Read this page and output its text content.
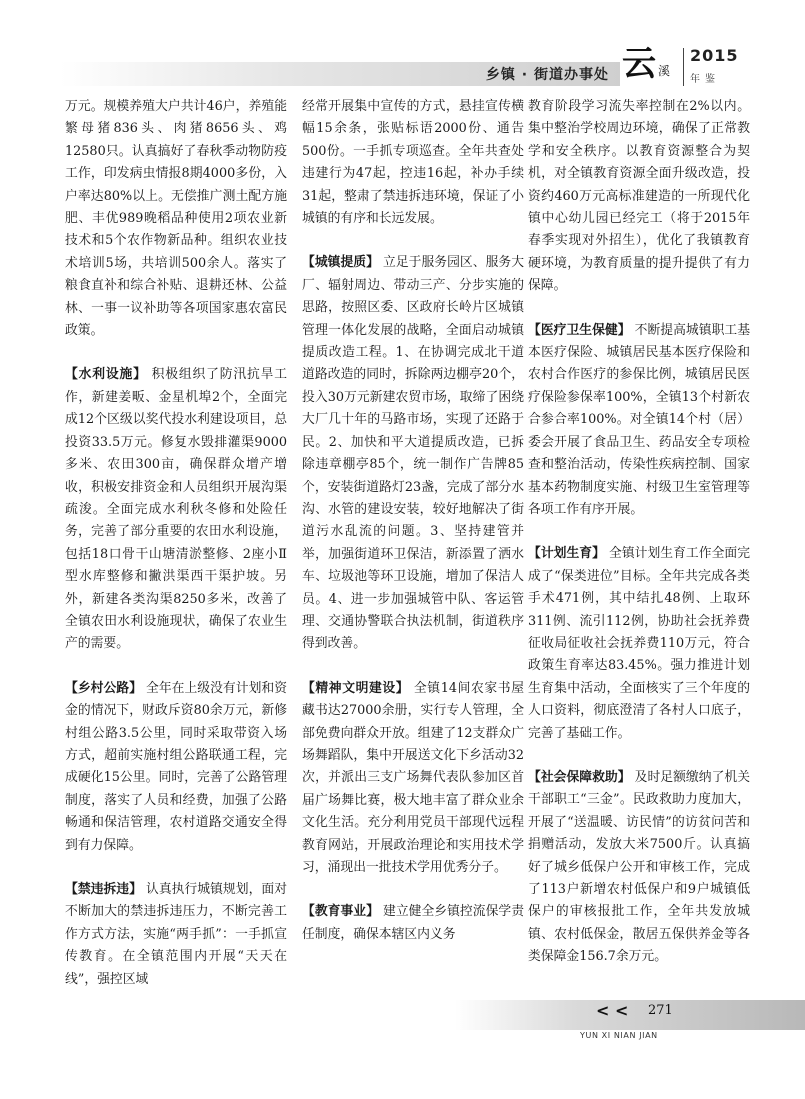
乡镇 · 街道办事处 云 溪
2015
年鉴

万元。规模养殖大户共计46户，养殖能繁母猪836头、肉猪8656头、鸡12580只。认真搞好了春秋季动物防疫工作，印发病虫情报8期4000多份，入户率达80%以上。无偿推广测土配方施肥、丰优989晚稻品种使用2项农业新技术和5个农作物新品种。组织农业技术培训5场，共培训500余人。落实了粮食直补和综合补贴、退耕还林、公益林、一事一议补助等各项国家惠农富民政策。

【水利设施】 积极组织了防汛抗旱工作，新建姜畈、金星机埠2个，全面完成12个区级以奖代投水利建设项目，总投资33.5万元。修复水毁排灌渠9000多米、农田300亩，确保群众增产增收，积极安排资金和人员组织开展沟渠疏浚。全面完成水利秋冬修和处险任务，完善了部分重要的农田水利设施，包括18口骨干山塘清淤整修、2座小Ⅱ型水库整修和撇洪渠西干渠护坡。另外，新建各类沟渠8250多米，改善了全镇农田水利设施现状，确保了农业生产的需要。

【乡村公路】 全年在上级没有计划和资金的情况下，财政斥资80余万元，新修村组公路3.5公里，同时采取带资入场方式，超前实施村组公路联通工程，完成硬化15公里。同时，完善了公路管理制度，落实了人员和经费，加强了公路畅通和保洁管理，农村道路交通安全得到有力保障。

【禁违拆违】 认真执行城镇规划，面对不断加大的禁违拆违压力，不断完善工作方式方法，实施“两手抓”：一手抓宣传教育。在全镇范围内开展“天天在线”，强控区域

经常开展集中宣传的方式，悬挂宣传横幅15余条，张贴标语2000份、通告500份。一手抓专项巡查。全年共查处违建行为47起，控违16起，补办手续31起，整肃了禁违拆违环境，保证了小城镇的有序和长远发展。

【城镇提质】 立足于服务园区、服务大厂、辐射周边、带动三产、分步实施的思路，按照区委、区政府长岭片区城镇管理一体化发展的战略，全面启动城镇提质改造工程。1、在协调完成北干道道路改造的同时，拆除两边棚亭20个，投入30万元新建农贸市场，取缔了困绕大厂几十年的马路市场，实现了还路于民。2、加快和平大道提质改造，已拆除违章棚亭85个，统一制作广告牌85个，安装街道路灯23盏，完成了部分水沟、水管的建设安装，较好地解决了街道污水乱流的问题。3、坚持建管并举，加强街道环卫保洁，新添置了洒水车、垃圾池等环卫设施，增加了保洁人员。4、进一步加强城管中队、客运管理、交通协警联合执法机制，街道秩序得到改善。

【精神文明建设】 全镇14间农家书屋藏书达27000余册，实行专人管理，全部免费向群众开放。组建了12支群众广场舞蹈队，集中开展送文化下乡活动32次，并派出三支广场舞代表队参加区首届广场舞比赛，极大地丰富了群众业余文化生活。充分利用党员干部现代远程教育网站，开展政治理论和实用技术学习，涌现出一批技术学用优秀分子。

【教育事业】 建立健全乡镇控流保学责任制度，确保本辖区内义务

教育阶段学习流失率控制在2%以内。集中整治学校周边环境，确保了正常教学和安全秩序。以教育资源整合为契机，对全镇教育资源全面升级改造，投资约460万元高标准建造的一所现代化镇中心幼儿园已经完工（将于2015年春季实现对外招生），优化了我镇教育硬环境，为教育质量的提升提供了有力保障。

【医疗卫生保健】 不断提高城镇职工基本医疗保险、城镇居民基本医疗保险和农村合作医疗的参保比例，城镇居民医疗保险参保率100%，全镇13个村新农合参合率100%。对全镇14个村（居）委会开展了食品卫生、药品安全专项检查和整治活动，传染性疾病控制、国家基本药物制度实施、村级卫生室管理等各项工作有序开展。

【计划生育】 全镇计划生育工作全面完成了“保类进位”目标。全年共完成各类手术471例，其中结扎48例、上取环311例、流引112例，协助社会抚养费征收局征收社会抚养费110万元，符合政策生育率达83.45%。强力推进计划生育集中活动，全面核实了三个年度的人口资料，彻底澄清了各村人口底子，完善了基础工作。

【社会保障救助】 及时足额缴纳了机关干部职工“三金”。民政救助力度加大，开展了“送温暖、访民情”的访贫问苦和捐赠活动，发放大米7500斤。认真搞好了城乡低保户公开和审核工作，完成了113户新增农村低保户和9户城镇低保户的审核报批工作，全年共发放城镇、农村低保金，散居五保供养金等各类保障金156.7余万元。

< < 271
YUN XI NIAN JIAN
